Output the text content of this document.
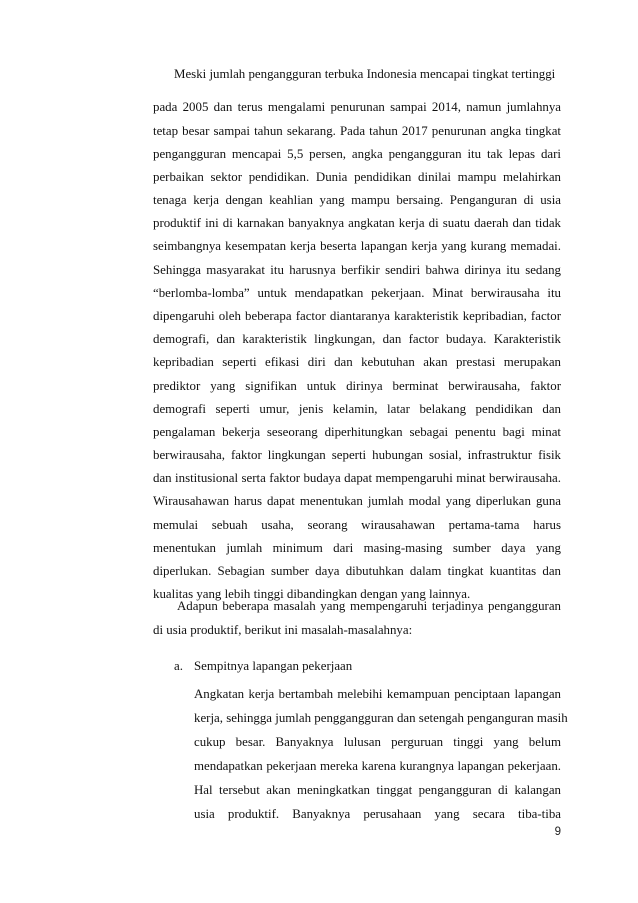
Meski jumlah pengangguran terbuka Indonesia mencapai tingkat tertinggi
pada 2005 dan terus mengalami penurunan sampai 2014, namun jumlahnya
tetap besar sampai tahun sekarang. Pada tahun 2017 penurunan angka tingkat
pengangguran mencapai 5,5 persen, angka pengangguran itu tak lepas dari
perbaikan sektor pendidikan. Dunia pendidikan dinilai mampu melahirkan
tenaga kerja dengan keahlian yang mampu bersaing. Penganguran di usia
produktif ini di karnakan banyaknya angkatan kerja di suatu daerah dan tidak
seimbangnya kesempatan kerja beserta lapangan kerja yang kurang memadai.
Sehingga masyarakat itu harusnya berfikir sendiri bahwa dirinya itu sedang
“berlomba-lomba” untuk mendapatkan pekerjaan. Minat berwirausaha itu
dipengaruhi oleh beberapa factor diantaranya karakteristik kepribadian, factor
demografi, dan karakteristik lingkungan, dan factor budaya. Karakteristik
kepribadian seperti efikasi diri dan kebutuhan akan prestasi merupakan
prediktor yang signifikan untuk dirinya berminat berwirausaha, faktor
demografi seperti umur, jenis kelamin, latar belakang pendidikan dan
pengalaman bekerja seseorang diperhitungkan sebagai penentu bagi minat
berwirausaha, faktor lingkungan seperti hubungan sosial, infrastruktur fisik
dan institusional serta faktor budaya dapat mempengaruhi minat berwirausaha.
Wirausahawan harus dapat menentukan jumlah modal yang diperlukan guna
memulai sebuah usaha, seorang wirausahawan pertama-tama harus
menentukan jumlah minimum dari masing-masing sumber daya yang
diperlukan. Sebagian sumber daya dibutuhkan dalam tingkat kuantitas dan
kualitas yang lebih tinggi dibandingkan dengan yang lainnya.
Adapun beberapa masalah yang mempengaruhi terjadinya pengangguran
di usia produktif, berikut ini masalah-masalahnya:
a. Sempitnya lapangan pekerjaan
Angkatan kerja bertambah melebihi kemampuan penciptaan lapangan
kerja, sehingga jumlah penggangguran dan setengah penganguran masih
cukup besar. Banyaknya lulusan perguruan tinggi yang belum
mendapatkan pekerjaan mereka karena kurangnya lapangan pekerjaan.
Hal tersebut akan meningkatkan tinggat pengangguran di kalangan
usia produktif. Banyaknya perusahaan yang secara tiba-tiba
9
